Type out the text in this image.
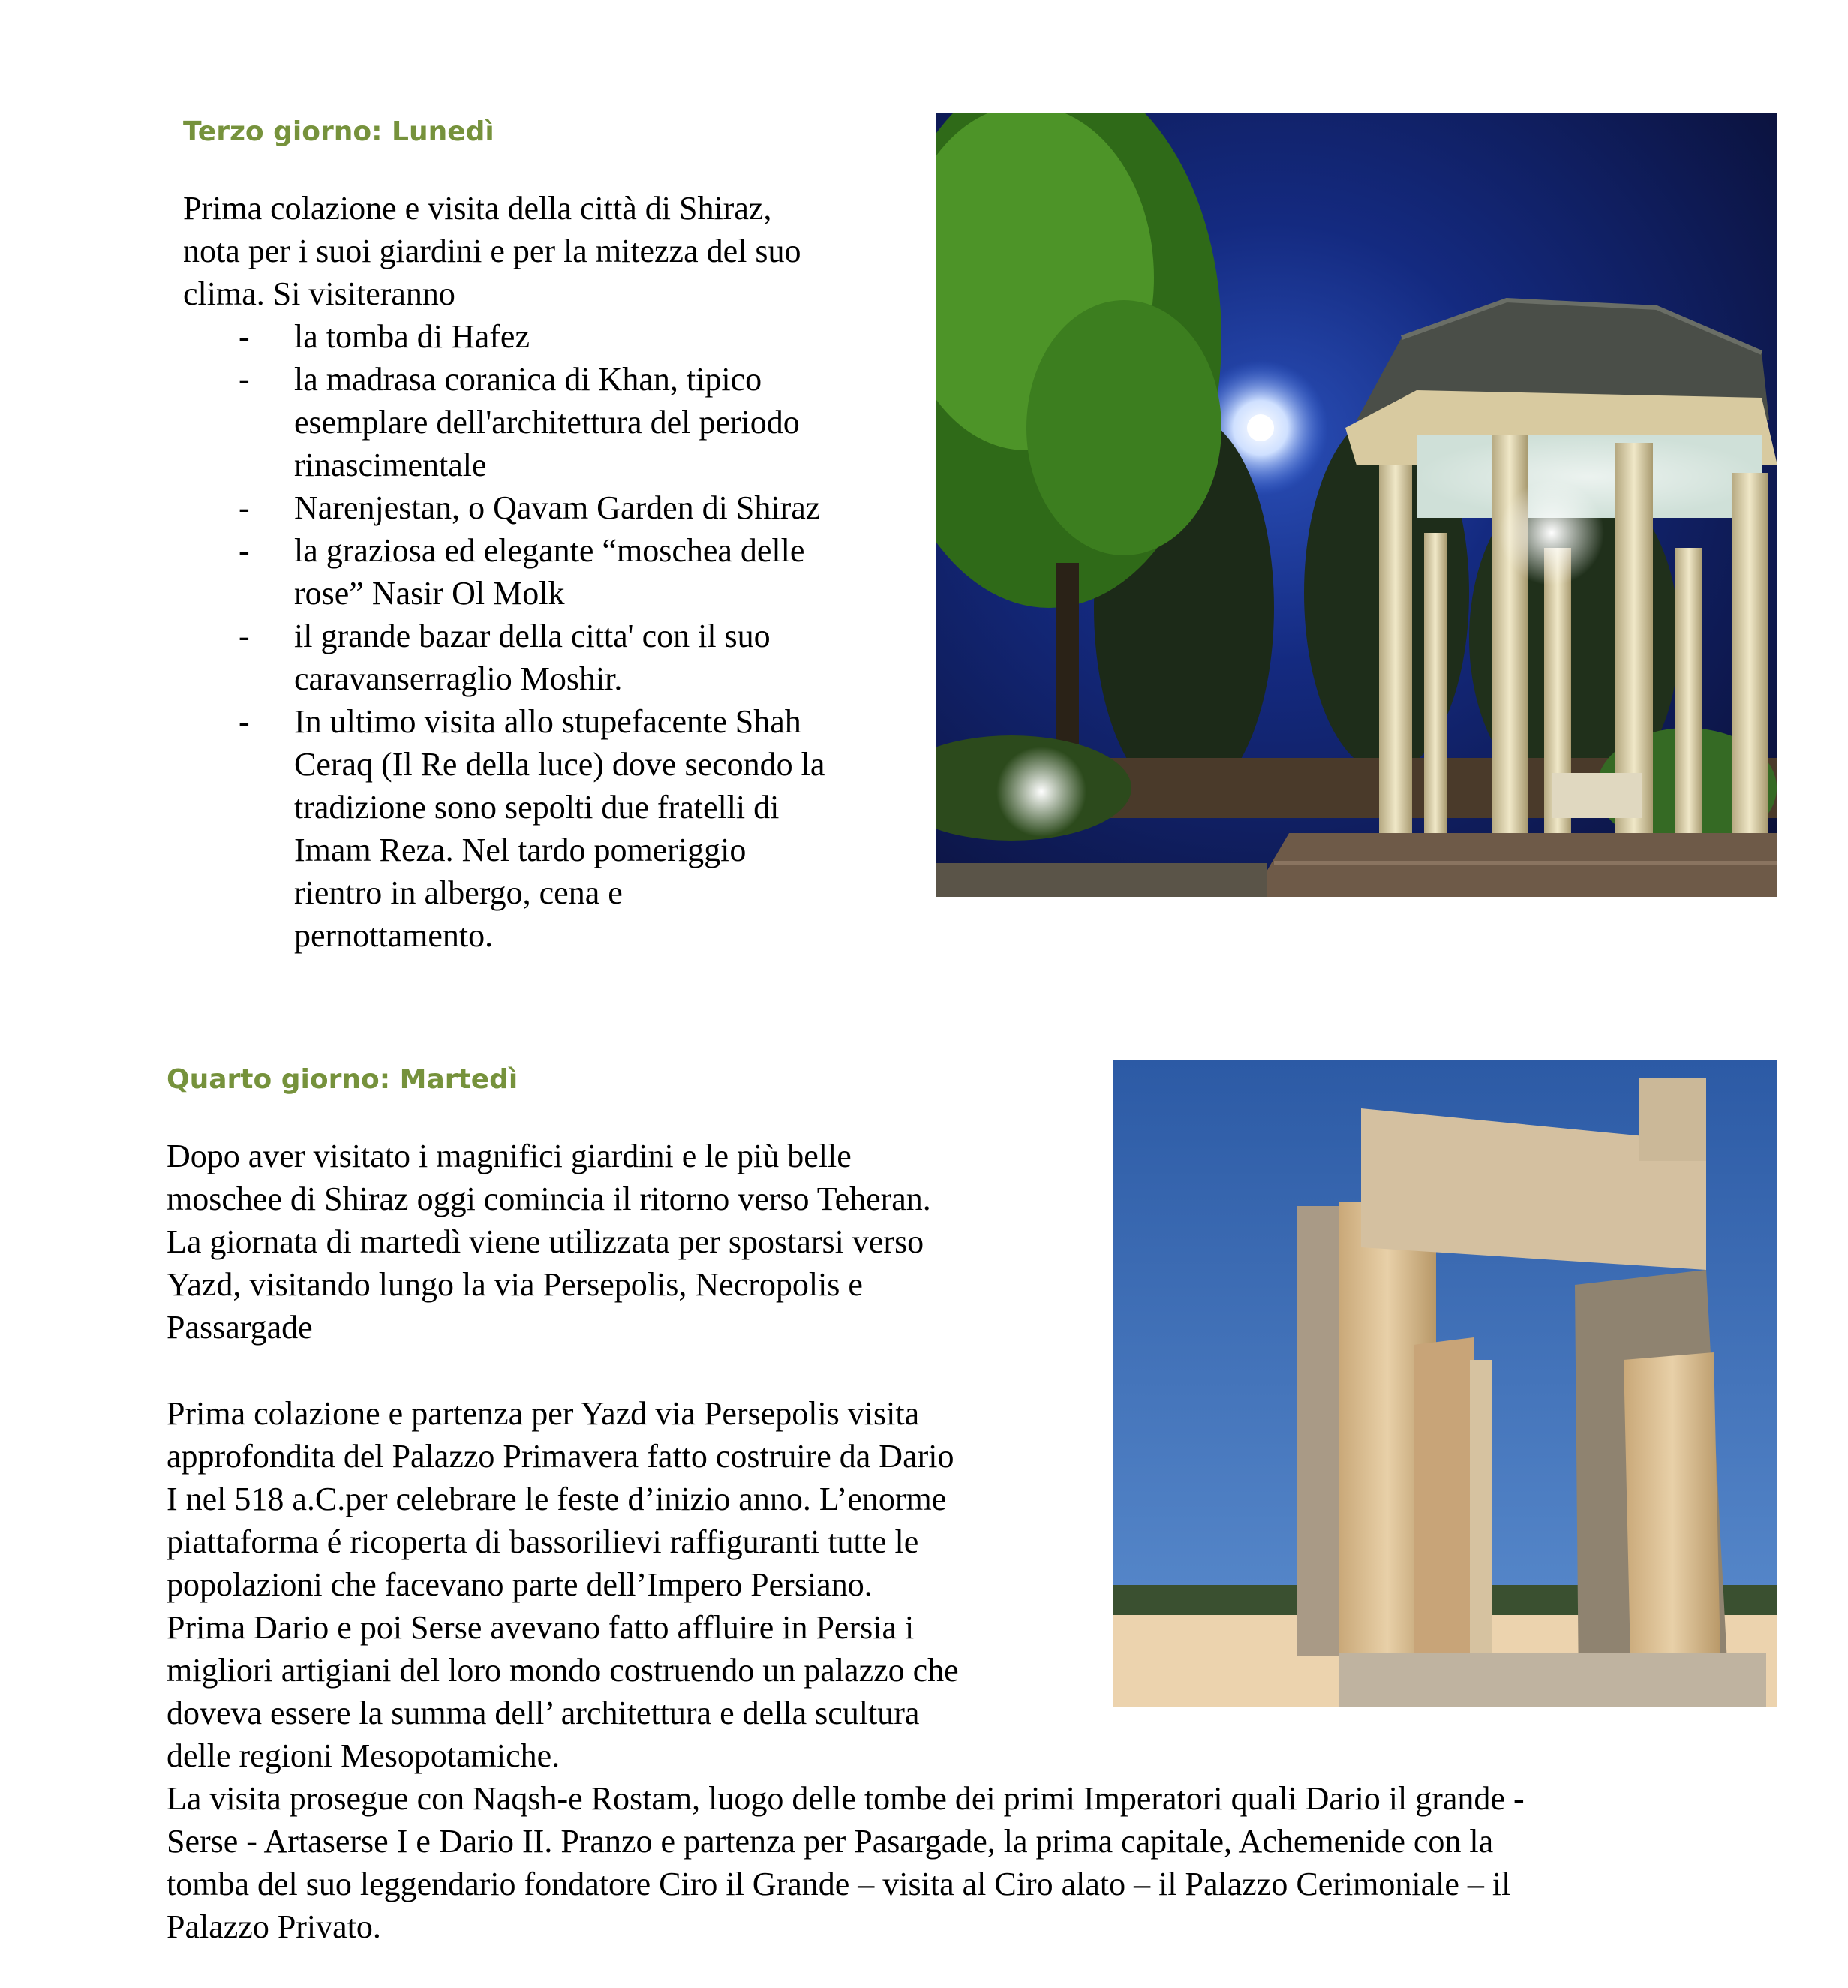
Terzo giorno: Lunedì
Prima colazione e visita della città di Shiraz,
nota per i suoi giardini e per la mitezza del suo
clima. Si visiteranno
-	la tomba di Hafez
-	la madrasa coranica di Khan, tipico
esemplare dell'architettura del periodo
rinascimentale
-	Narenjestan, o Qavam Garden di Shiraz
-	la graziosa ed elegante “moschea delle
rose” Nasir Ol Molk
-	il grande bazar della citta' con il suo
caravanserraglio Moshir.
-	In ultimo visita allo stupefacente Shah
Ceraq (Il Re della luce) dove secondo la
tradizione sono sepolti due fratelli di
Imam Reza. Nel tardo pomeriggio
rientro in albergo, cena e
pernottamento.
Quarto giorno: Martedì
Dopo aver visitato i magnifici giardini e le più belle
moschee di Shiraz oggi comincia il ritorno verso Teheran.
La giornata di martedì viene utilizzata per spostarsi verso
Yazd, visitando lungo la via Persepolis, Necropolis e
Passargade
Prima colazione e partenza per Yazd via Persepolis visita
approfondita del Palazzo Primavera fatto costruire da Dario
I nel 518 a.C.per celebrare le feste d’inizio anno. L’enorme
piattaforma é ricoperta di bassorilievi raffiguranti tutte le
popolazioni che facevano parte dell’Impero Persiano.
Prima Dario e poi Serse avevano fatto affluire in Persia i
migliori artigiani del loro mondo costruendo un palazzo che
doveva essere la summa dell’ architettura e della scultura
delle regioni Mesopotamiche.
La visita prosegue con Naqsh-e Rostam, luogo delle tombe dei primi Imperatori quali Dario il grande -
Serse - Artaserse I e Dario II. Pranzo e partenza per Pasargade, la prima capitale, Achemenide con la
tomba del suo leggendario fondatore Ciro il Grande – visita al Ciro alato – il Palazzo Cerimoniale – il
Palazzo Privato.
